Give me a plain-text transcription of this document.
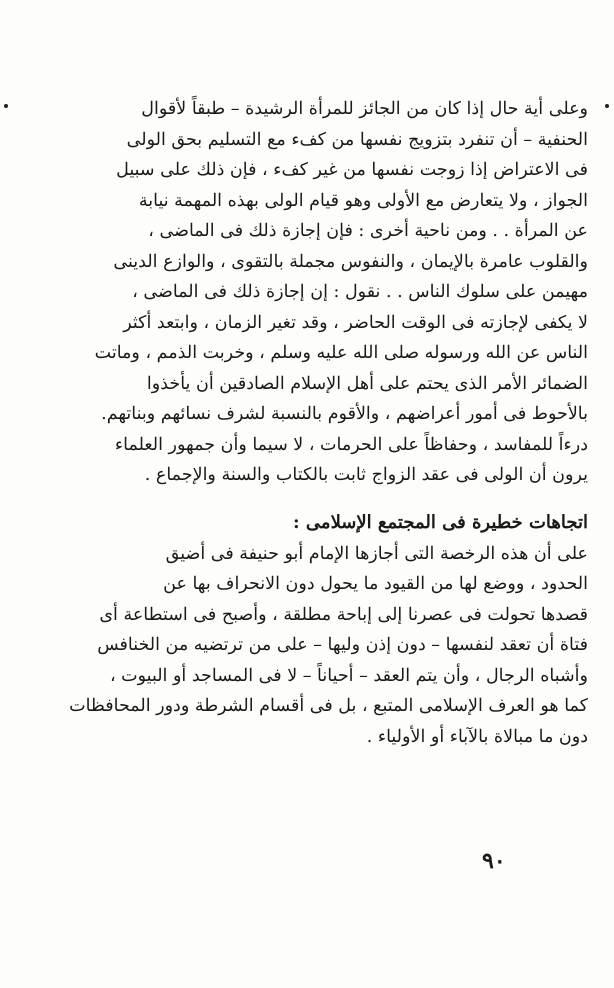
وعلى أية حال إذا كان من الجائز للمرأة الرشيدة – طبقاً لأقوال
الحنفية – أن تنفرد بتزويج نفسها من كفء مع التسليم بحق الولى
فى الاعتراض إذا زوجت نفسها من غير كفء ، فإن ذلك على سبيل
الجواز ، ولا يتعارض مع الأولى وهو قيام الولى بهذه المهمة نيابة
عن المرأة . . ومن ناحية أخرى : فإن إجازة ذلك فى الماضى ،
والقلوب عامرة بالإيمان ، والنفوس مجملة بالتقوى ، والوازع الدينى
مهيمن على سلوك الناس . . نقول : إن إجازة ذلك فى الماضى ،
لا يكفى لإجازته فى الوقت الحاضر ، وقد تغير الزمان ، وابتعد أكثر
الناس عن الله ورسوله صلى الله عليه وسلم ، وخربت الذمم ، وماتت
الضمائر الأمر الذى يحتم على أهل الإسلام الصادقين أن يأخذوا
بالأحوط فى أمور أعراضهم ، والأقوم بالنسبة لشرف نسائهم وبناتهم.
درءاً للمفاسد ، وحفاظاً على الحرمات ، لا سيما وأن جمهور العلماء
يرون أن الولى فى عقد الزواج ثابت بالكتاب والسنة والإجماع .
اتجاهات خطيرة فى المجتمع الإسلامى :
على أن هذه الرخصة التى أجازها الإمام أبو حنيفة فى أضيق
الحدود ، ووضع لها من القيود ما يحول دون الانحراف بها عن
قصدها تحولت فى عصرنا إلى إباحة مطلقة ، وأصبح فى استطاعة أى
فتاة أن تعقد لنفسها – دون إذن وليها – على من ترتضيه من الخنافس
وأشباه الرجال ، وأن يتم العقد – أحياناً – لا فى المساجد أو البيوت ،
كما هو العرف الإسلامى المتبع ، بل فى أقسام الشرطة ودور المحافظات
دون ما مبالاة بالآباء أو الأولياء .
٩٠
